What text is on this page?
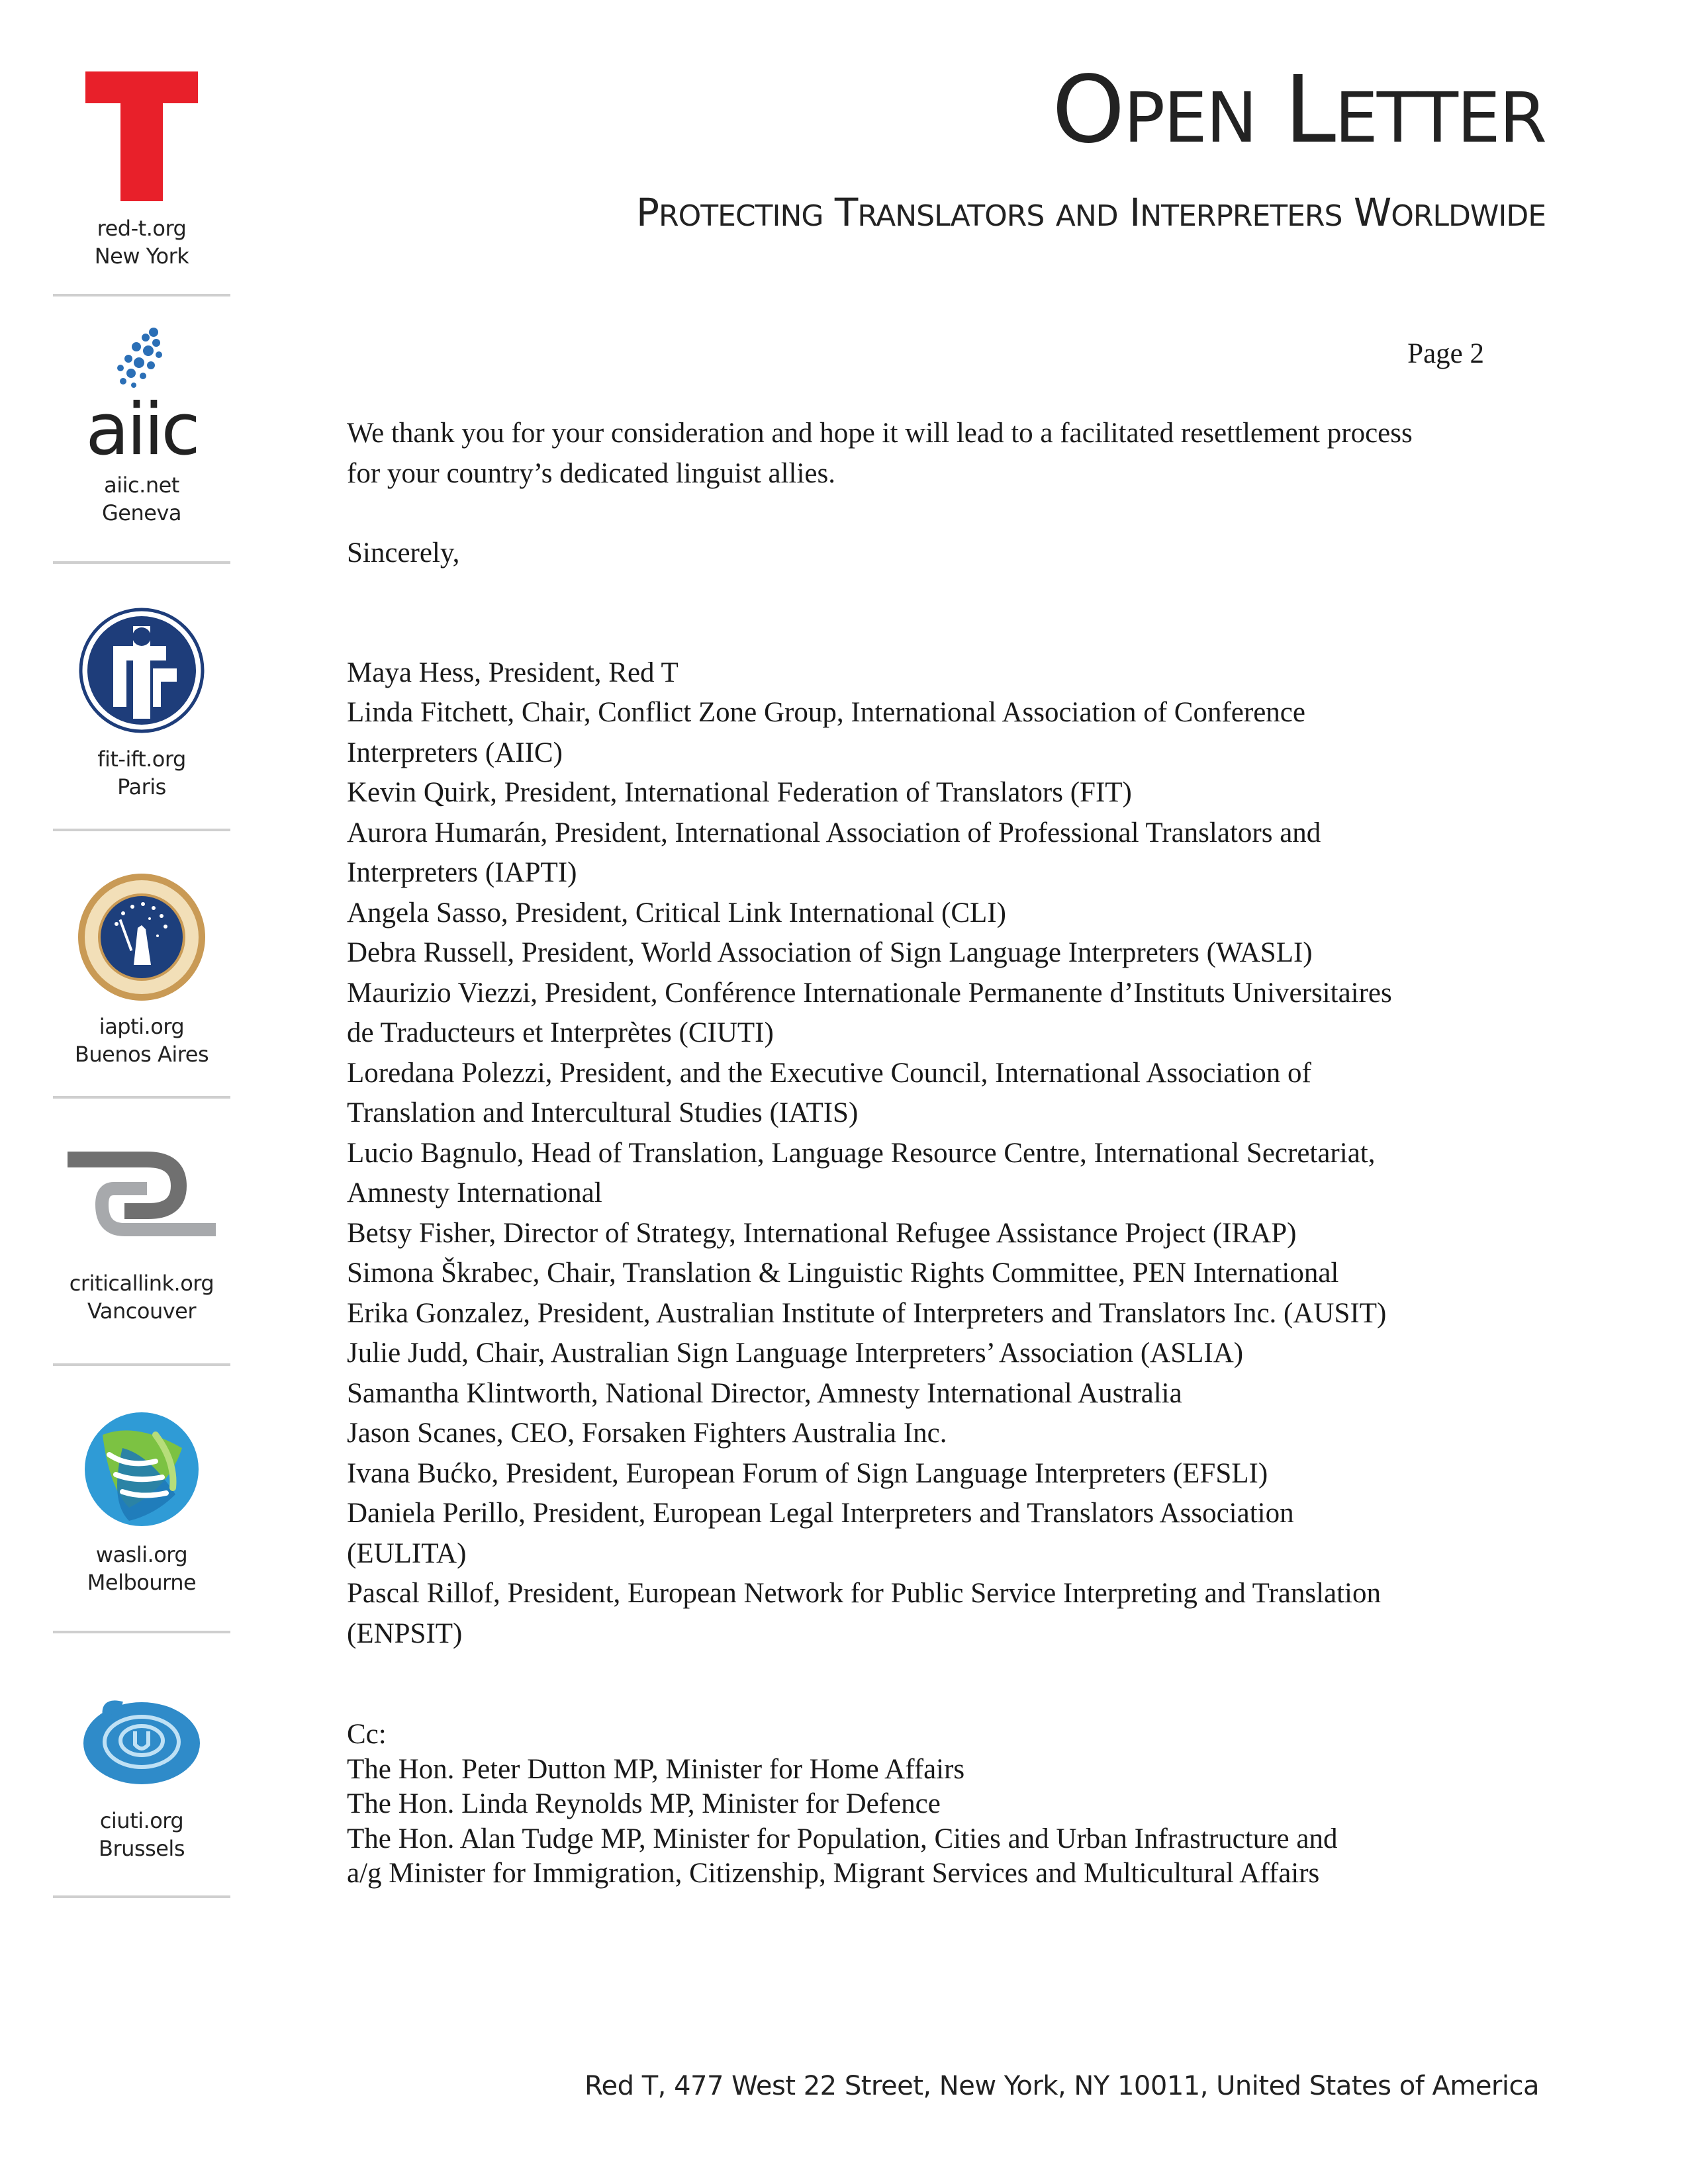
red-t.org
New York
aiic
aiic.net
Geneva
fit-ift.org
Paris
iapti.org
Buenos Aires
criticallink.org
Vancouver
wasli.org
Melbourne
ciuti.org
Brussels
OPEN LETTER
PROTECTING TRANSLATORS AND INTERPRETERS WORLDWIDE
Page 2

We thank you for your consideration and hope it will lead to a facilitated resettlement process

for your country’s dedicated linguist allies.

Sincerely,

Maya Hess, President, Red T
Linda Fitchett, Chair, Conflict Zone Group, International Association of Conference
Interpreters (AIIC)
Kevin Quirk, President, International Federation of Translators (FIT)
Aurora Humarán, President, International Association of Professional Translators and
Interpreters (IAPTI)
Angela Sasso, President, Critical Link International (CLI)
Debra Russell, President, World Association of Sign Language Interpreters (WASLI)
Maurizio Viezzi, President, Conférence Internationale Permanente d’Instituts Universitaires
de Traducteurs et Interprètes (CIUTI)
Loredana Polezzi, President, and the Executive Council, International Association of
Translation and Intercultural Studies (IATIS)
Lucio Bagnulo, Head of Translation, Language Resource Centre, International Secretariat,
Amnesty International
Betsy Fisher, Director of Strategy, International Refugee Assistance Project (IRAP)
Simona Škrabec, Chair, Translation & Linguistic Rights Committee, PEN International
Erika Gonzalez, President, Australian Institute of Interpreters and Translators Inc. (AUSIT)
Julie Judd, Chair, Australian Sign Language Interpreters’ Association (ASLIA)
Samantha Klintworth, National Director, Amnesty International Australia
Jason Scanes, CEO, Forsaken Fighters Australia Inc.
Ivana Bućko, President, European Forum of Sign Language Interpreters (EFSLI)
Daniela Perillo, President, European Legal Interpreters and Translators Association
(EULITA)
Pascal Rillof, President, European Network for Public Service Interpreting and Translation
(ENPSIT)
Cc:
The Hon. Peter Dutton MP, Minister for Home Affairs
The Hon. Linda Reynolds MP, Minister for Defence
The Hon. Alan Tudge MP, Minister for Population, Cities and Urban Infrastructure and
a/g Minister for Immigration, Citizenship, Migrant Services and Multicultural Affairs
Red T, 477 West 22 Street, New York, NY 10011, United States of America
